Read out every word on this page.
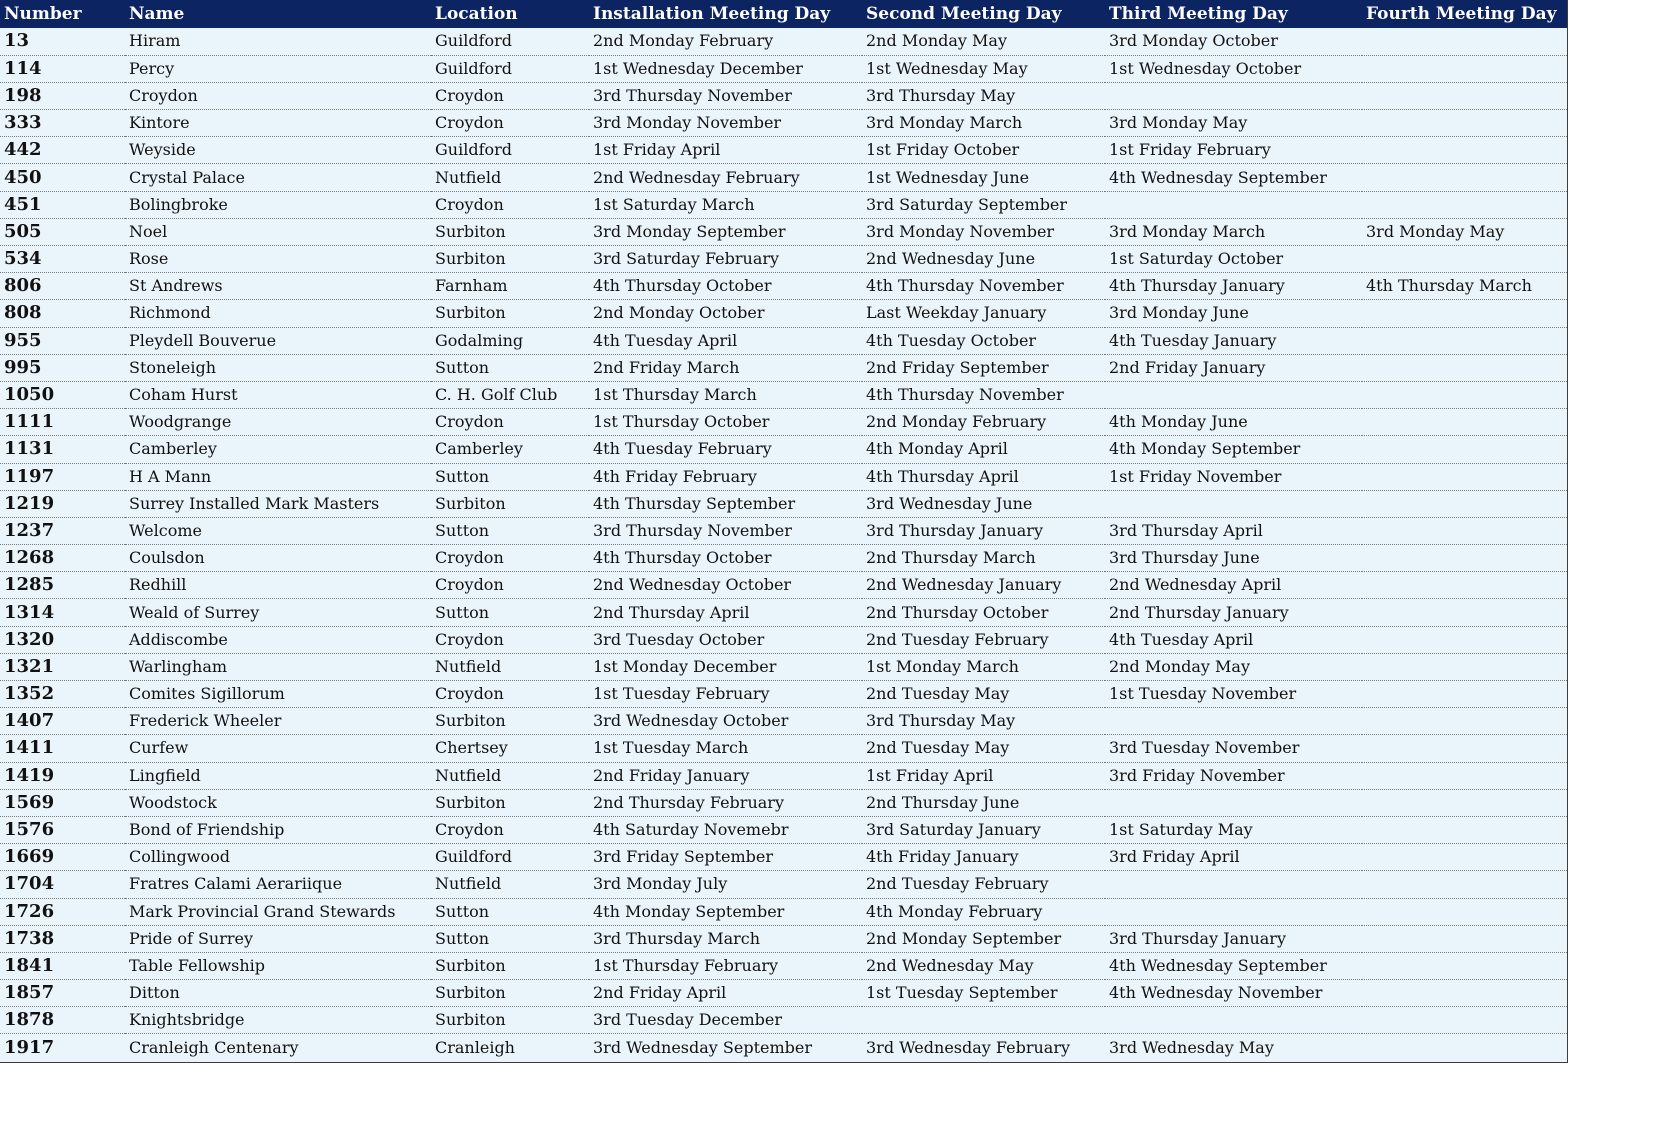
Number	Name	Location	Installation Meeting Day	Second Meeting Day	Third Meeting Day	Fourth Meeting Day
13	Hiram	Guildford	2nd Monday February	2nd Monday May	3rd Monday October	
114	Percy	Guildford	1st Wednesday December	1st Wednesday May	1st Wednesday October	
198	Croydon	Croydon	3rd Thursday November	3rd Thursday May		
333	Kintore	Croydon	3rd Monday November	3rd Monday March	3rd Monday May	
442	Weyside	Guildford	1st Friday April	1st Friday October	1st Friday February	
450	Crystal Palace	Nutfield	2nd Wednesday February	1st Wednesday June	4th Wednesday September	
451	Bolingbroke	Croydon	1st Saturday March	3rd Saturday September		
505	Noel	Surbiton	3rd Monday September	3rd Monday November	3rd Monday March	3rd Monday May
534	Rose	Surbiton	3rd Saturday February	2nd Wednesday June	1st Saturday October	
806	St Andrews	Farnham	4th Thursday October	4th Thursday November	4th Thursday January	4th Thursday March
808	Richmond	Surbiton	2nd Monday October	Last Weekday January	3rd Monday June	
955	Pleydell Bouverue	Godalming	4th Tuesday April	4th Tuesday October	4th Tuesday January	
995	Stoneleigh	Sutton	2nd Friday March	2nd Friday September	2nd Friday January	
1050	Coham Hurst	C. H. Golf Club	1st Thursday March	4th Thursday November		
1111	Woodgrange	Croydon	1st Thursday October	2nd Monday February	4th Monday June	
1131	Camberley	Camberley	4th Tuesday February	4th Monday April	4th Monday September	
1197	H A Mann	Sutton	4th Friday February	4th Thursday April	1st Friday November	
1219	Surrey Installed Mark Masters	Surbiton	4th Thursday September	3rd Wednesday June		
1237	Welcome	Sutton	3rd Thursday November	3rd Thursday January	3rd Thursday April	
1268	Coulsdon	Croydon	4th Thursday October	2nd Thursday March	3rd Thursday June	
1285	Redhill	Croydon	2nd Wednesday October	2nd Wednesday January	2nd Wednesday April	
1314	Weald of Surrey	Sutton	2nd Thursday April	2nd Thursday October	2nd Thursday January	
1320	Addiscombe	Croydon	3rd Tuesday October	2nd Tuesday February	4th Tuesday April	
1321	Warlingham	Nutfield	1st Monday December	1st Monday March	2nd Monday May	
1352	Comites Sigillorum	Croydon	1st Tuesday February	2nd Tuesday May	1st Tuesday November	
1407	Frederick Wheeler	Surbiton	3rd Wednesday October	3rd Thursday May		
1411	Curfew	Chertsey	1st Tuesday March	2nd Tuesday May	3rd Tuesday November	
1419	Lingfield	Nutfield	2nd Friday January	1st Friday April	3rd Friday November	
1569	Woodstock	Surbiton	2nd Thursday February	2nd Thursday June		
1576	Bond of Friendship	Croydon	4th Saturday Novemebr	3rd Saturday January	1st Saturday May	
1669	Collingwood	Guildford	3rd Friday September	4th Friday January	3rd Friday April	
1704	Fratres Calami Aerariique	Nutfield	3rd Monday July	2nd Tuesday February		
1726	Mark Provincial Grand Stewards	Sutton	4th Monday September	4th Monday February		
1738	Pride of Surrey	Sutton	3rd Thursday March	2nd Monday September	3rd Thursday January	
1841	Table Fellowship	Surbiton	1st Thursday February	2nd Wednesday May	4th Wednesday September	
1857	Ditton	Surbiton	2nd Friday April	1st Tuesday September	4th Wednesday November	
1878	Knightsbridge	Surbiton	3rd Tuesday December			
1917	Cranleigh Centenary	Cranleigh	3rd Wednesday September	3rd Wednesday February	3rd Wednesday May	
